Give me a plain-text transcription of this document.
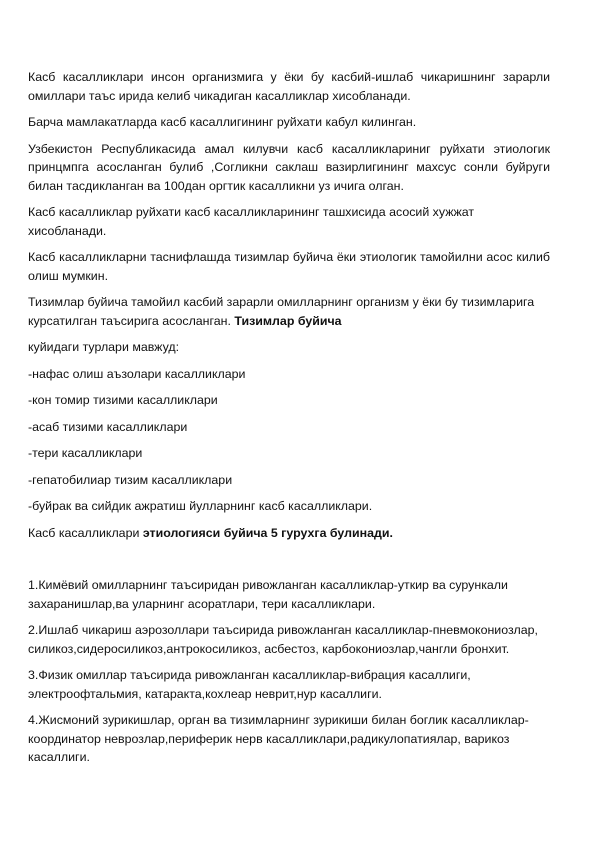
Касб касалликлари инсон организмига у ёки бу касбий-ишлаб чикаришнинг зарарли омиллари таъс ирида келиб чикадиган касалликлар хисобланади.

Барча мамлакатларда касб касаллигининг руйхати кабул килинган.

Узбекистон Республикасида амал килувчи касб касалликлариниг руйхати этиологик принцмпга асосланган булиб ,Согликни саклаш вазирлигининг махсус сонли буйруги билан тасдикланган ва 100дан оргтик касалликни уз ичига олган.

Касб касалликлар руйхати касб касалликларининг ташхисида асосий хужжат хисобланади.

Касб касалликларни таснифлашда тизимлар буйича ёки этиологик тамойилни асос килиб олиш мумкин.

Тизимлар буйича тамойил касбий зарарли омилларнинг организм у ёки бу тизимларига курсатилган таъсирига асосланган. Тизимлар буйича

куйидаги турлари мавжуд:

-нафас олиш аъзолари касалликлари

-кон томир тизими касалликлари

-асаб тизими касалликлари

-тери касалликлари

-гепатобилиар тизим касалликлари

-буйрак ва сийдик ажратиш йулларнинг касб касалликлари.

Касб касалликлари этиологияси буйича 5 гурухга булинади.

1.Кимёвий омилларнинг таъсиридан ривожланган касалликлар-уткир ва сурункали захаранишлар,ва уларнинг асоратлари, тери касалликлари.

2.Ишлаб чикариш аэрозоллари таъсирида ривожланган касалликлар-пневмокониозлар, силикоз,сидеросиликоз,антрокосиликоз, асбестоз, карбокониозлар,чангли бронхит.

3.Физик омиллар таъсирида ривожланган касалликлар-вибрация касаллиги, электроофтальмия, катаракта,кохлеар неврит,нур касаллиги.

4.Жисмоний зурикишлар, орган ва тизимларнинг зурикиши билан боглик касалликлар-координатор неврозлар,периферик нерв касалликлари,радикулопатиялар, варикоз касаллиги.
